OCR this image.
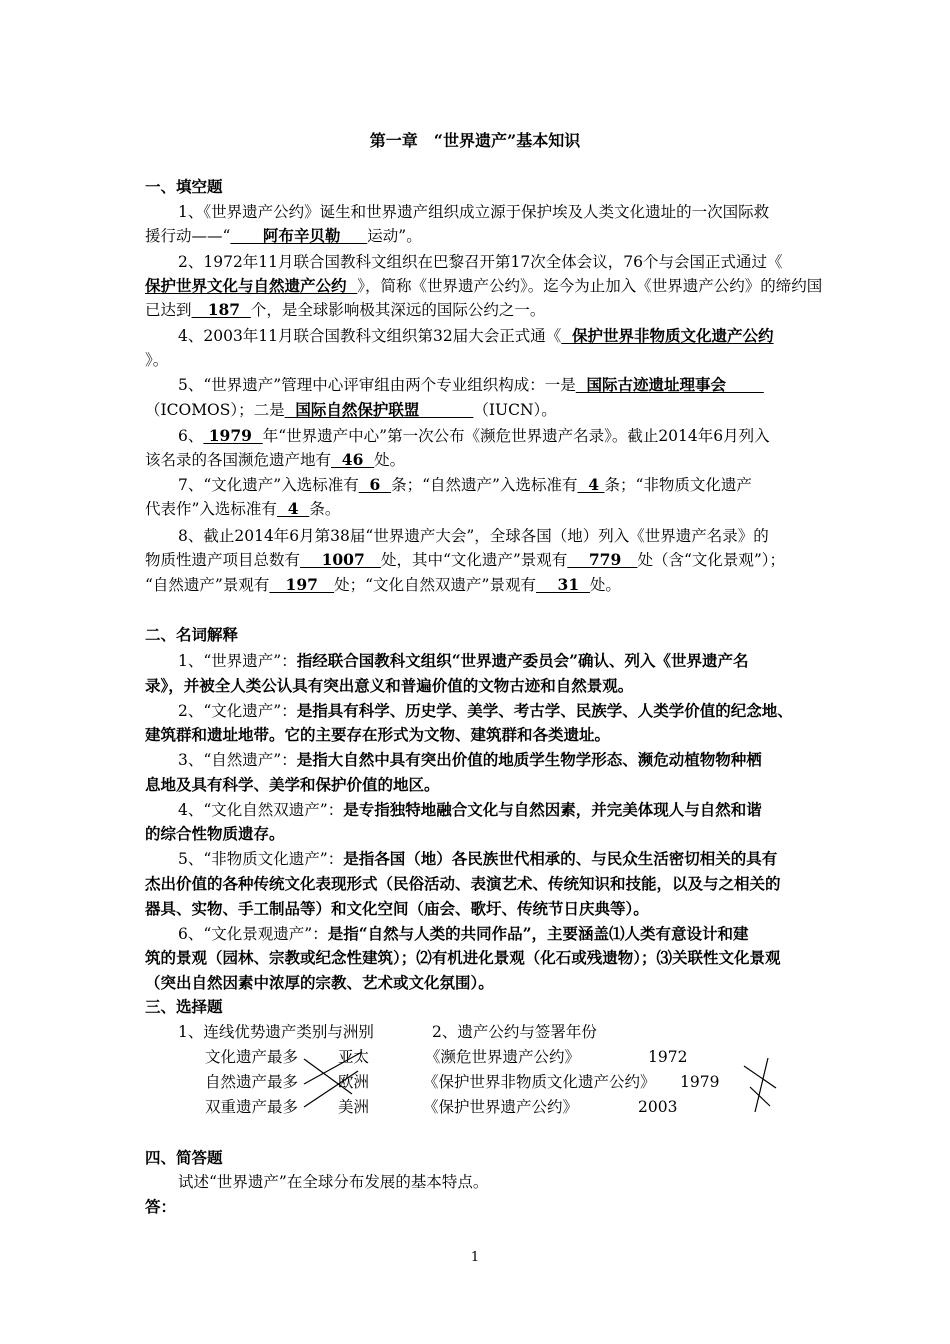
第一章　“世界遗产”基本知识
一、填空题
1、《世界遗产公约》诞生和世界遗产组织成立源于保护埃及人类文化遗址的一次国际救
援行动——“      阿布辛贝勒     运动”。
2、1972年11月联合国教科文组织在巴黎召开第17次全体会议，76个与会国正式通过《
保护世界文化与自然遗产公约  》，简称《世界遗产公约》。迄今为止加入《世界遗产公约》的缔约国
已达到   187  个，是全球影响极其深远的国际公约之一。
4、2003年11月联合国教科文组织第32届大会正式通《  保护世界非物质文化遗产公约
》。
5、“世界遗产”管理中心评审组由两个专业组织构成：一是  国际古迹遗址理事会
（ICOMOS）；二是  国际自然保护联盟          （IUCN）。
6、 1979  年“世界遗产中心”第一次公布《濒危世界遗产名录》。截止2014年6月列入
该名录的各国濒危遗产地有  46  处。
7、“文化遗产”入选标准有  6  条；“自然遗产”入选标准有  4 条；“非物质文化遗产
代表作”入选标准有  4  条。
8、截止2014年6月第38届“世界遗产大会”，全球各国（地）列入《世界遗产名录》的
物质性遗产项目总数有    1007   处，其中“文化遗产”景观有    779   处（含“文化景观”）；
“自然遗产”景观有   197   处；“文化自然双遗产”景观有    31  处。
二、名词解释
1、“世界遗产”：指经联合国教科文组织“世界遗产委员会”确认、列入《世界遗产名
录》，并被全人类公认具有突出意义和普遍价值的文物古迹和自然景观。
2、“文化遗产”：是指具有科学、历史学、美学、考古学、民族学、人类学价值的纪念地、
建筑群和遗址地带。它的主要存在形式为文物、建筑群和各类遗址。
3、“自然遗产”：是指大自然中具有突出价值的地质学生物学形态、濒危动植物物种栖
息地及具有科学、美学和保护价值的地区。
4、“文化自然双遗产”：是专指独特地融合文化与自然因素，并完美体现人与自然和谐
的综合性物质遗存。
5、“非物质文化遗产”：是指各国（地）各民族世代相承的、与民众生活密切相关的具有
杰出价值的各种传统文化表现形式（民俗活动、表演艺术、传统知识和技能，以及与之相关的
器具、实物、手工制品等）和文化空间（庙会、歌圩、传统节日庆典等）。
6、“文化景观遗产”：是指“自然与人类的共同作品”，主要涵盖⑴人类有意设计和建
筑的景观（园林、宗教或纪念性建筑）；⑵有机进化景观（化石或残遗物）；⑶关联性文化景观
（突出自然因素中浓厚的宗教、艺术或文化氛围）。
三、选择题
1、连线优势遗产类别与洲别	2、遗产公约与签署年份
文化遗产最多
自然遗产最多
双重遗产最多
亚太
欧洲
美洲
《濒危世界遗产公约》
《保护世界非物质文化遗产公约》
《保护世界遗产公约》
1972
1979
2003
四、简答题
试述“世界遗产”在全球分布发展的基本特点。
答：
1
